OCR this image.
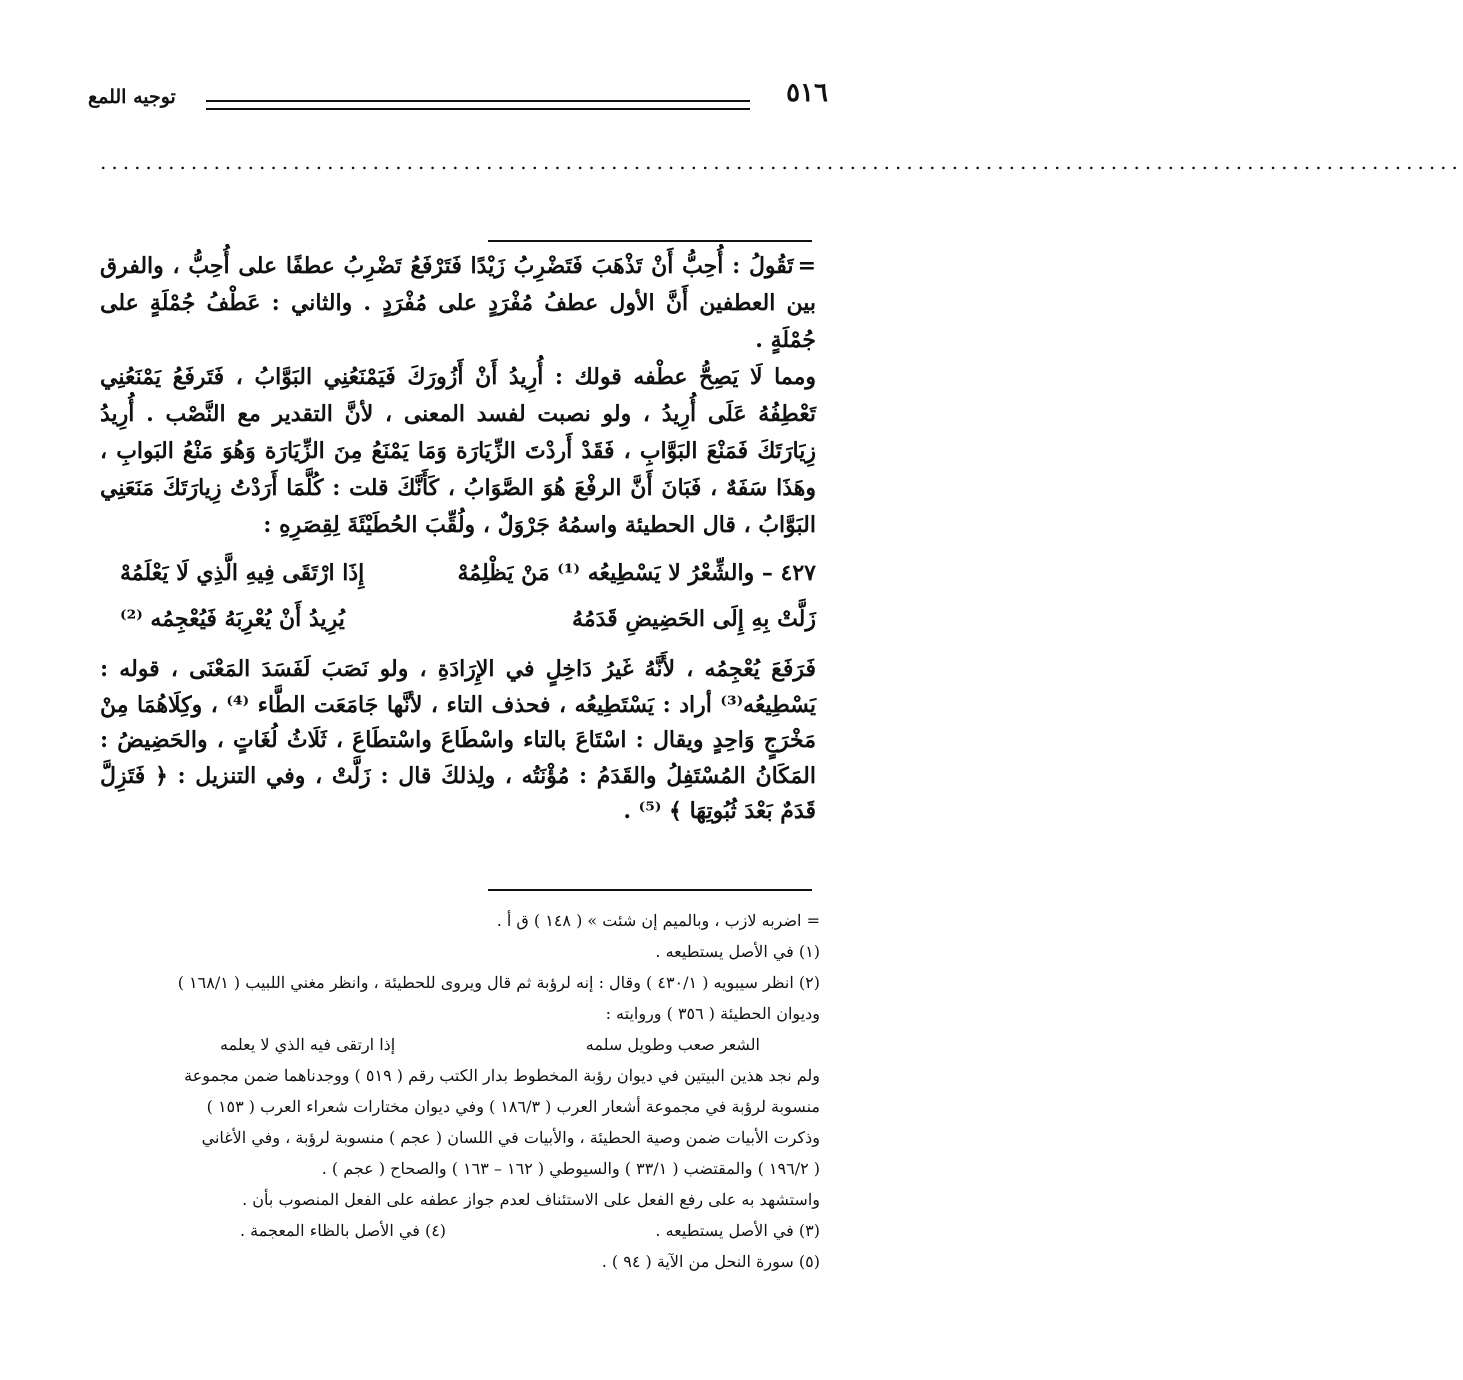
٥١٦
توجيه اللمع
........................................................................................................................

=تَقُولُ : أُحِبُّ أَنْ تَذْهَبَ فَتَضْرِبُ زَيْدًا فَتَرْفَعُ تَضْرِبُ عطفًا على أُحِبُّ ، والفرق بين العطفين أَنَّ الأول عطفُ مُفْرَدٍ على مُفْرَدٍ . والثاني : عَطْفُ جُمْلَةٍ على جُمْلَةٍ .

ومما لَا يَصِحُّ عطْفه قولك : أُرِيدُ أَنْ أَزُورَكَ فَيَمْنَعُنِي البَوَّابُ ، فَتَرفَعُ يَمْنَعُنِي تَعْطِفُهُ عَلَى أُرِيدُ ، ولو نصبت لفسد المعنى ، لأنَّ التقدير مع النَّصْب . أُرِيدُ زِيَارَتَكَ فَمَنْعَ البَوَّابِ ، فَقَدْ أَردْتَ الزِّيَارَة وَمَا يَمْنَعُ مِنَ الزِّيَارَة وَهُوَ مَنْعُ البَوابِ ، وهَذَا سَفَهٌ ، فَبَانَ أَنَّ الرفْعَ هُوَ الصَّوَابُ ، كَأَنَّكَ قلت : كُلَّمَا أَرَدْتُ زِيارَتَكَ مَنَعَنِي البَوَّابُ ، قال الحطيئة واسمُهُ جَرْوَلٌ ، ولُقِّبَ الحُطَيْئَةَ لِقِصَرِهِ :

٤٢٧ – والشِّعْرُ لا يَسْطِيعُه ⁽¹⁾ مَنْ يَظْلِمُهْ
إِذَا ارْتَقَى فِيهِ الَّذِي لَا يَعْلَمُهْ
زَلَّتْ بِهِ إِلَى الحَضِيضِ قَدَمُهُ
يُرِيدُ أَنْ يُعْرِبَهُ فَيُعْجِمُه ⁽²⁾

فَرَفَعَ يُعْجِمُه ، لأَنَّهُ غَيرُ دَاخِلٍ في الإِرَادَةِ ، ولو نَصَبَ لَفَسَدَ المَعْنَى ، قوله : يَسْطِيعُه⁽³⁾ أراد : يَسْتَطِيعُه ، فحذف التاء ، لأنَّها جَامَعَت الطَّاء ⁽⁴⁾ ، وكِلَاهُمَا مِنْ مَخْرَجٍ وَاحِدٍ ويقال : اسْتَاعَ بالتاء واسْطَاعَ واسْتطَاعَ ، ثَلَاثُ لُغَاتٍ ، والحَضِيضُ : المَكَانُ المُسْتَفِلُ والقَدَمُ : مُؤْنَتُه ، ولِذلكَ قال : زَلَّتْ ، وفي التنزيل : ﴿ فَتَزِلَّ قَدَمٌ بَعْدَ ثُبُوتِهَا ﴾ ⁽⁵⁾ .

= اضربه لازب ، وبالميم إن شئت » ( ١٤٨ ) ق أ .

(١) في الأصل يستطيعه .

(٢) انظر سيبويه ( ٤٣٠/١ ) وقال : إنه لرؤبة ثم قال ويروى للحطيئة ، وانظر مغني اللبيب ( ١٦٨/١ )

وديوان الحطيئة ( ٣٥٦ ) وروايته :

الشعر صعب وطويل سلمه
إذا ارتقى فيه الذي لا يعلمه

ولم نجد هذين البيتين في ديوان رؤبة المخطوط بدار الكتب رقم ( ٥١٩ ) ووجدناهما ضمن مجموعة

منسوبة لرؤبة في مجموعة أشعار العرب ( ١٨٦/٣ ) وفي ديوان مختارات شعراء العرب ( ١٥٣ )

وذكرت الأبيات ضمن وصية الحطيئة ، والأبيات في اللسان ( عجم ) منسوبة لرؤبة ، وفي الأغاني

( ١٩٦/٢ ) والمقتضب ( ٣٣/١ ) والسيوطي ( ١٦٢ – ١٦٣ ) والصحاح ( عجم ) .

واستشهد به على رفع الفعل على الاستئناف لعدم جواز عطفه على الفعل المنصوب بأن .

(٣) في الأصل يستطيعه .
(٤) في الأصل بالظاء المعجمة .

(٥) سورة النحل من الآية ( ٩٤ ) .
